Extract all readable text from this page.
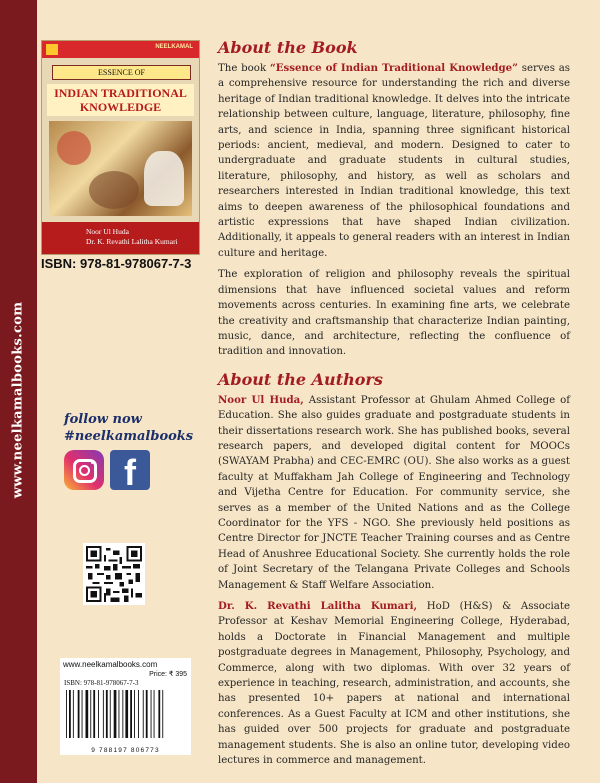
www.neelkamalbooks.com
NEELKAMAL
ESSENCE OF
INDIAN TRADITIONAL
KNOWLEDGE
Noor Ul Huda
Dr. K. Revathi Lalitha Kumari
ISBN: 978-81-978067-7-3
follow now
#neelkamalbooks
f
www.neelkamalbooks.com
Price: ₹ 395
ISBN: 978-81-978067-7-3
9 788197 806773
About the Book

The book “Essence of Indian Traditional Knowledge” serves as a comprehensive resource for understanding the rich and diverse heritage of Indian traditional knowledge. It delves into the intricate relationship between culture, language, literature, philosophy, fine arts, and science in India, spanning three significant historical periods: ancient, medieval, and modern. Designed to cater to undergraduate and graduate students in cultural studies, literature, philosophy, and history, as well as scholars and researchers interested in Indian traditional knowledge, this text aims to deepen awareness of the philosophical foundations and artistic expressions that have shaped Indian civilization. Additionally, it appeals to general readers with an interest in Indian culture and heritage.

The exploration of religion and philosophy reveals the spiritual dimensions that have influenced societal values and reform movements across centuries. In examining fine arts, we celebrate the creativity and craftsmanship that characterize Indian painting, music, dance, and architecture, reflecting the confluence of tradition and innovation.

About the Authors

Noor Ul Huda, Assistant Professor at Ghulam Ahmed College of Education. She also guides graduate and postgraduate students in their dissertations research work. She has published books, several research papers, and developed digital content for MOOCs (SWAYAM Prabha) and CEC-EMRC (OU). She also works as a guest faculty at Muffakham Jah College of Engineering and Technology and Vijetha Centre for Education. For community service, she serves as a member of the United Nations and as the College Coordinator for the YFS - NGO. She previously held positions as Centre Director for JNCTE Teacher Training courses and as Centre Head of Anushree Educational Society. She currently holds the role of Joint Secretary of the Telangana Private Colleges and Schools Management & Staff Welfare Association.

Dr. K. Revathi Lalitha Kumari, HoD (H&S) & Associate Professor at Keshav Memorial Engineering College, Hyderabad, holds a Doctorate in Financial Management and multiple postgraduate degrees in Management, Philosophy, Psychology, and Commerce, along with two diplomas. With over 32 years of experience in teaching, research, administration, and accounts, she has presented 10+ papers at national and international conferences. As a Guest Faculty at ICM and other institutions, she has guided over 500 projects for graduate and postgraduate management students. She is also an online tutor, developing video lectures in commerce and management.
